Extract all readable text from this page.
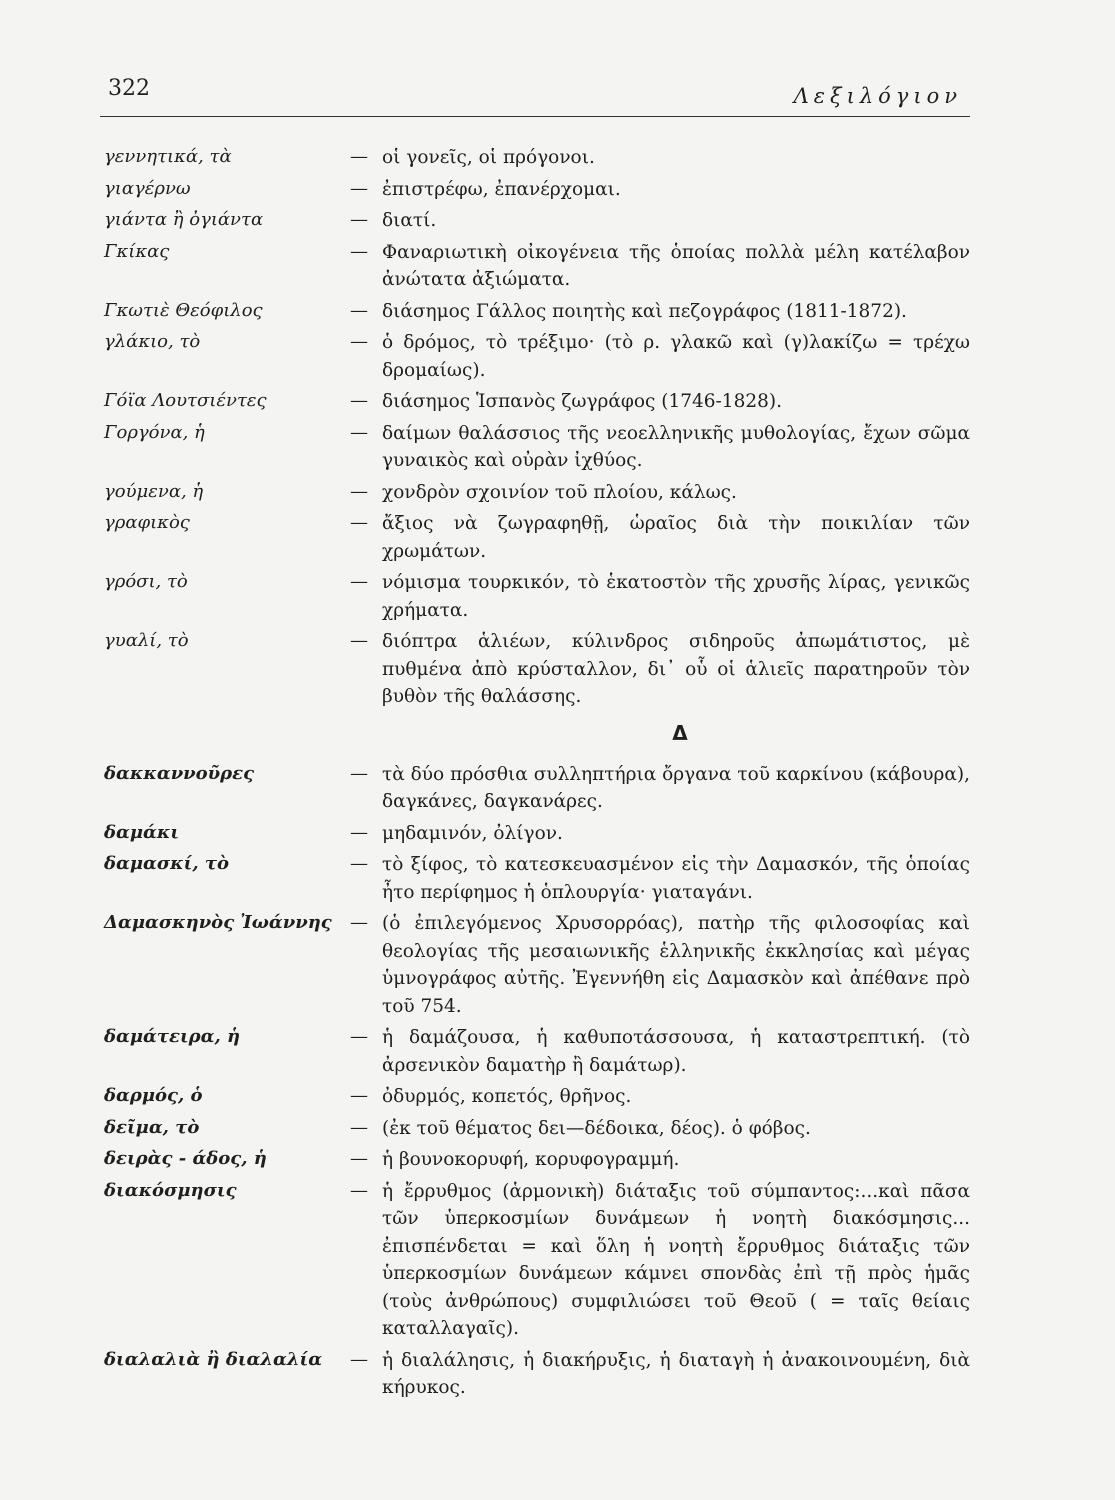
322	Λεξιλόγιον
γεννητικά, τὰ	— οἱ γονεῖς, οἱ πρόγονοι.
γιαγέρνω	— ἐπιστρέφω, ἐπανέρχομαι.
γιάντα ἢ ὀγιάντα	— διατί.
Γκίκας	— Φαναριωτικὴ οἰκογένεια τῆς ὁποίας πολλὰ μέλη κατέλαβον ἀνώτατα ἀξιώματα.
Γκωτιὲ Θεόφιλος	— διάσημος Γάλλος ποιητὴς καὶ πεζογράφος (1811-1872).
γλάκιο, τὸ	— ὁ δρόμος, τὸ τρέξιμο· (τὸ ρ. γλακῶ καὶ (γ)λακίζω = τρέχω δρομαίως).
Γόϊα Λουτσιέντες	— διάσημος Ἱσπανὸς ζωγράφος (1746-1828).
Γοργόνα, ἡ	— δαίμων θαλάσσιος τῆς νεοελληνικῆς μυθολογίας, ἔχων σῶμα γυναικὸς καὶ οὐρὰν ἰχθύος.
γούμενα, ἡ	— χονδρὸν σχοινίον τοῦ πλοίου, κάλως.
γραφικὸς	— ἄξιος νὰ ζωγραφηθῇ, ὡραῖος διὰ τὴν ποικιλίαν τῶν χρωμάτων.
γρόσι, τὸ	— νόμισμα τουρκικόν, τὸ ἑκατοστὸν τῆς χρυσῆς λίρας, γενικῶς χρήματα.
γυαλί, τὸ	— διόπτρα ἁλιέων, κύλινδρος σιδηροῦς ἀπωμάτιστος, μὲ πυθμένα ἀπὸ κρύσταλλον, δι᾽ οὗ οἱ ἁλιεῖς παρατηροῦν τὸν βυθὸν τῆς θαλάσσης.
Δ
δακκαννοῦρες	— τὰ δύο πρόσθια συλληπτήρια ὄργανα τοῦ καρκίνου (κάβουρα), δαγκάνες, δαγκανάρες.
δαμάκι	— μηδαμινόν, ὀλίγον.
δαμασκί, τὸ	— τὸ ξίφος, τὸ κατεσκευασμένον εἰς τὴν Δαμασκόν, τῆς ὁποίας ἦτο περίφημος ἡ ὁπλουργία· γιαταγάνι.
Δαμασκηνὸς Ἰωάννης	— (ὁ ἐπιλεγόμενος Χρυσορρόας), πατὴρ τῆς φιλοσοφίας καὶ θεολογίας τῆς μεσαιωνικῆς ἑλληνικῆς ἐκκλησίας καὶ μέγας ὑμνογράφος αὐτῆς. Ἐγεννήθη εἰς Δαμασκὸν καὶ ἀπέθανε πρὸ τοῦ 754.
δαμάτειρα, ἡ	— ἡ δαμάζουσα, ἡ καθυποτάσσουσα, ἡ καταστρεπτική. (τὸ ἀρσενικὸν δαματὴρ ἢ δαμάτωρ).
δαρμός, ὁ	— ὀδυρμός, κοπετός, θρῆνος.
δεῖμα, τὸ	— (ἐκ τοῦ θέματος δει—δέδοικα, δέος). ὁ φόβος.
δειρὰς - άδος, ἡ	— ἡ βουνοκορυφή, κορυφογραμμή.
διακόσμησις	— ἡ ἔρρυθμος (ἁρμονικὴ) διάταξις τοῦ σύμπαντος:...καὶ πᾶσα τῶν ὑπερκοσμίων δυνάμεων ἡ νοητὴ διακόσμησις... ἐπισπένδεται = καὶ ὅλη ἡ νοητὴ ἔρρυθμος διάταξις τῶν ὑπερκοσμίων δυνάμεων κάμνει σπονδὰς ἐπὶ τῇ πρὸς ἡμᾶς (τοὺς ἀνθρώπους) συμφιλιώσει τοῦ Θεοῦ ( = ταῖς θείαις καταλλαγαῖς).
διαλαλιὰ ἢ διαλαλία	— ἡ διαλάλησις, ἡ διακήρυξις, ἡ διαταγὴ ἡ ἀνακοινουμένη, διὰ κήρυκος.
